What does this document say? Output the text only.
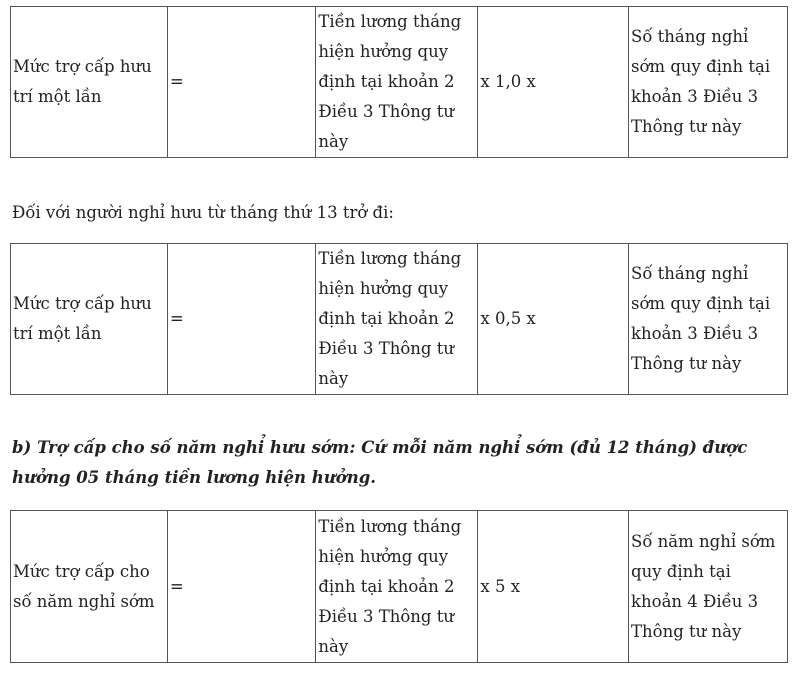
Mức trợ cấp hưu trí một lần	=	Tiền lương tháng hiện hưởng quy định tại khoản 2 Điều 3 Thông tư này	x 1,0 x	Số tháng nghỉ sớm quy định tại khoản 3 Điều 3 Thông tư này

Đối với người nghỉ hưu từ tháng thứ 13 trở đi:

Mức trợ cấp hưu trí một lần	=	Tiền lương tháng hiện hưởng quy định tại khoản 2 Điều 3 Thông tư này	x 0,5 x	Số tháng nghỉ sớm quy định tại khoản 3 Điều 3 Thông tư này

b) Trợ cấp cho số năm nghỉ hưu sớm: Cứ mỗi năm nghỉ sớm (đủ 12 tháng) được hưởng 05 tháng tiền lương hiện hưởng.

Mức trợ cấp cho số năm nghỉ sớm	=	Tiền lương tháng hiện hưởng quy định tại khoản 2 Điều 3 Thông tư này	x 5 x	Số năm nghỉ sớm quy định tại khoản 4 Điều 3 Thông tư này
